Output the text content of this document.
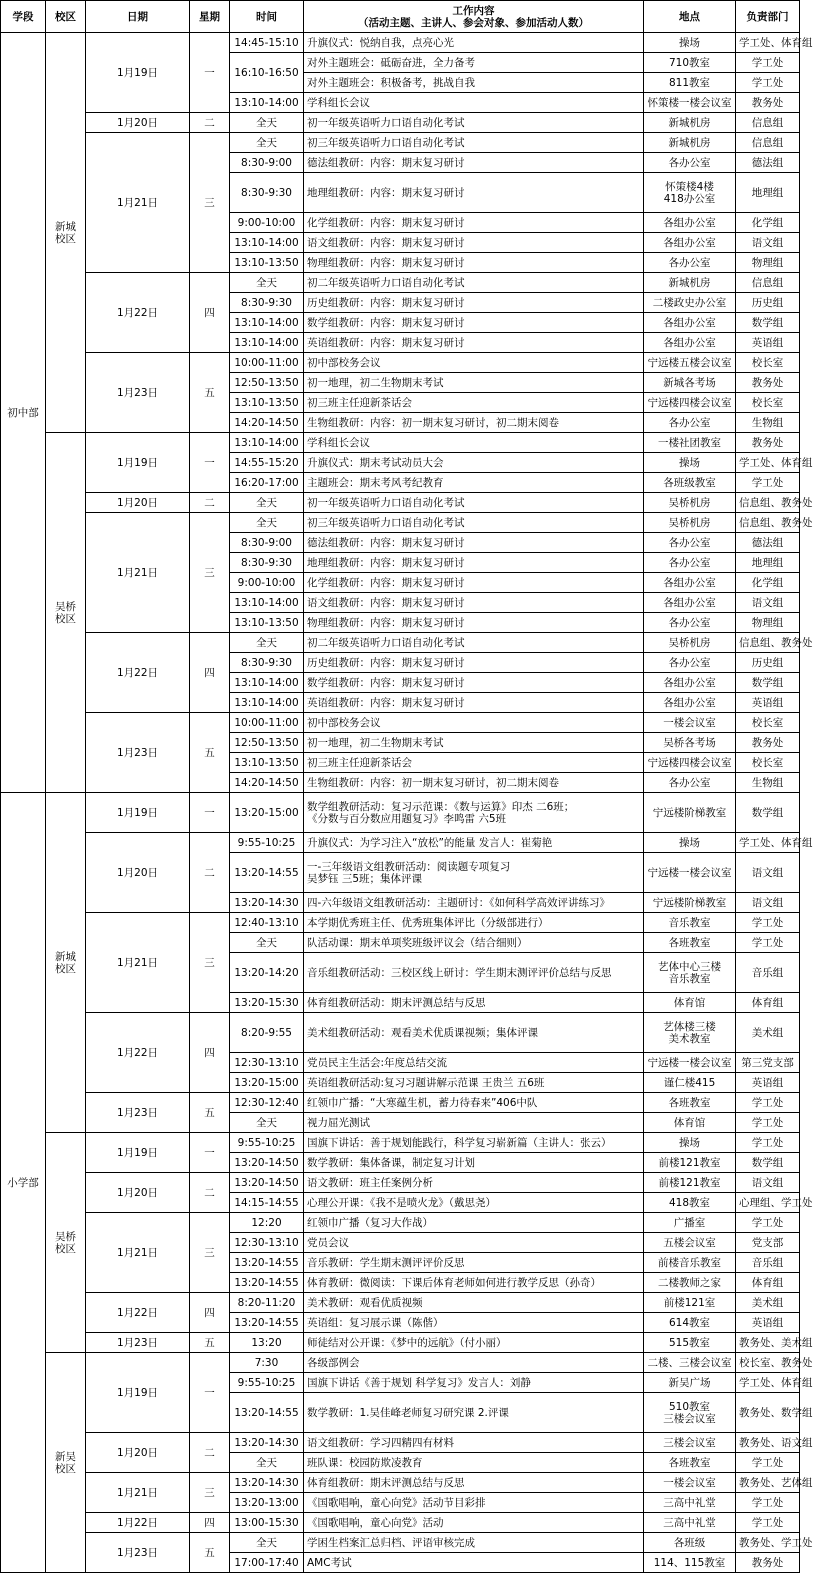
学段	校区	日期	星期	时间	工作内容
（活动主题、主讲人、参会对象、参加活动人数）	地点	负责部门
初中部	新城
校区	1月19日	一	14:45-15:10	升旗仪式：悦纳自我，点亮心光	操场	学工处、体育组
				16:10-16:50	对外主题班会：砥砺奋进，全力备考	710教室	学工处
					对外主题班会：积极备考，挑战自我	811教室	学工处
				13:10-14:00	学科组长会议	怀策楼一楼会议室	教务处
		1月20日	二	全天	初一年级英语听力口语自动化考试	新城机房	信息组
		1月21日	三	全天	初三年级英语听力口语自动化考试	新城机房	信息组
				8:30-9:00	德法组教研：内容：期末复习研讨	各办公室	德法组
				8:30-9:30	地理组教研：内容：期末复习研讨	怀策楼4楼
418办公室	地理组
				9:00-10:00	化学组教研：内容：期末复习研讨	各组办公室	化学组
				13:10-14:00	语文组教研：内容：期末复习研讨	各组办公室	语文组
				13:10-13:50	物理组教研：内容：期末复习研讨	各办公室	物理组
		1月22日	四	全天	初二年级英语听力口语自动化考试	新城机房	信息组
				8:30-9:30	历史组教研：内容：期末复习研讨	二楼政史办公室	历史组
				13:10-14:00	数学组教研：内容：期末复习研讨	各组办公室	数学组
				13:10-14:00	英语组教研：内容：期末复习研讨	各组办公室	英语组
		1月23日	五	10:00-11:00	初中部校务会议	宁远楼五楼会议室	校长室
				12:50-13:50	初一地理，初二生物期末考试	新城各考场	教务处
				13:10-13:50	初三班主任迎新茶话会	宁远楼四楼会议室	校长室
				14:20-14:50	生物组教研：内容：初一期末复习研讨，初二期末阅卷	各办公室	生物组
	吴桥
校区	1月19日	一	13:10-14:00	学科组长会议	一楼社团教室	教务处
				14:55-15:20	升旗仪式：期末考试动员大会	操场	学工处、体育组
				16:20-17:00	主题班会：期末考风考纪教育	各班级教室	学工处
		1月20日	二	全天	初一年级英语听力口语自动化考试	吴桥机房	信息组、教务处
		1月21日	三	全天	初三年级英语听力口语自动化考试	吴桥机房	信息组、教务处
				8:30-9:00	德法组教研：内容：期末复习研讨	各办公室	德法组
				8:30-9:30	地理组教研：内容：期末复习研讨	各办公室	地理组
				9:00-10:00	化学组教研：内容：期末复习研讨	各组办公室	化学组
				13:10-14:00	语文组教研：内容：期末复习研讨	各组办公室	语文组
				13:10-13:50	物理组教研：内容：期末复习研讨	各办公室	物理组
		1月22日	四	全天	初二年级英语听力口语自动化考试	吴桥机房	信息组、教务处
				8:30-9:30	历史组教研：内容：期末复习研讨	各办公室	历史组
				13:10-14:00	数学组教研：内容：期末复习研讨	各组办公室	数学组
				13:10-14:00	英语组教研：内容：期末复习研讨	各组办公室	英语组
		1月23日	五	10:00-11:00	初中部校务会议	一楼会议室	校长室
				12:50-13:50	初一地理，初二生物期末考试	吴桥各考场	教务处
				13:10-13:50	初三班主任迎新茶话会	宁远楼四楼会议室	校长室
				14:20-14:50	生物组教研：内容：初一期末复习研讨，初二期末阅卷	各办公室	生物组
小学部	新城
校区	1月19日	一	13:20-15:00	数学组教研活动：复习示范课：《数与运算》印杰 二6班；
《分数与百分数应用题复习》李鸣雷 六5班	宁远楼阶梯教室	数学组
		1月20日	二	9:55-10:25	升旗仪式：为学习注入“放松”的能量 发言人：崔菊艳	操场	学工处、体育组
				13:20-14:55	一-三年级语文组教研活动：阅读题专项复习
吴梦钰 三5班；集体评课	宁远楼一楼会议室	语文组
				13:20-14:30	四-六年级语文组教研活动：主题研讨：《如何科学高效评讲练习》	宁远楼阶梯教室	语文组
		1月21日	三	12:40-13:10	本学期优秀班主任、优秀班集体评比（分级部进行）	音乐教室	学工处
				全天	队活动课：期末单项奖班级评议会（结合细则）	各班教室	学工处
				13:20-14:20	音乐组教研活动：三校区线上研讨：学生期末测评评价总结与反思	艺体中心三楼
音乐教室	音乐组
				13:20-15:30	体育组教研活动：期末评测总结与反思	体育馆	体育组
		1月22日	四	8:20-9:55	美术组教研活动：观看美术优质课视频；集体评课	艺体楼三楼
美术教室	美术组
				12:30-13:10	党员民主生活会:年度总结交流	宁远楼一楼会议室	第三党支部
				13:20-15:00	英语组教研活动:复习习题讲解示范课 王贵兰 五6班	谨仁楼415	英语组
		1月23日	五	12:30-12:40	红领巾广播：“大寒蕴生机，蓄力待春来”406中队	各班教室	学工处
				全天	视力屈光测试	体育馆	学工处
	吴桥
校区	1月19日	一	9:55-10:25	国旗下讲话：善于规划能践行，科学复习崭新篇（主讲人：张云）	操场	学工处
				13:20-14:50	数学教研：集体备课，制定复习计划	前楼121教室	数学组
		1月20日	二	13:20-14:50	语文教研：班主任案例分析	前楼121教室	语文组
				14:15-14:55	心理公开课：《我不是喷火龙》（戴思尧）	418教室	心理组、学工处
		1月21日	三	12:20	红领巾广播（复习大作战）	广播室	学工处
				12:30-13:10	党员会议	五楼会议室	党支部
				13:20-14:55	音乐教研：学生期末测评评价反思	前楼音乐教室	音乐组
				13:20-14:55	体育教研：微阅读：下课后体育老师如何进行教学反思（孙奇）	二楼教师之家	体育组
		1月22日	四	8:20-11:20	美术教研：观看优质视频	前楼121室	美术组
				13:20-14:55	英语组：复习展示课（陈偕）	614教室	英语组
		1月23日	五	13:20	师徒结对公开课：《梦中的远航》（付小丽）	515教室	教务处、美术组
	新吴
校区	1月19日	一	7:30	各级部例会	二楼、三楼会议室	校长室、教务处
				9:55-10:25	国旗下讲话《善于规划 科学复习》发言人：刘静	新吴广场	学工处、体育组
				13:20-14:55	数学教研：1.吴佳峰老师复习研究课 2.评课	510教室
三楼会议室	教务处、数学组
		1月20日	二	13:20-14:30	语文组教研：学习四精四有材料	三楼会议室	教务处、语文组
				全天	班队课：校园防欺凌教育	各班教室	学工处
		1月21日	三	13:20-14:30	体育组教研：期末评测总结与反思	一楼会议室	教务处、艺体组
				13:20-13:00	《国歌唱响，童心向党》活动节目彩排	三高中礼堂	学工处
		1月22日	四	13:00-15:30	《国歌唱响，童心向党》活动	三高中礼堂	学工处
		1月23日	五	全天	学困生档案汇总归档、评语审核完成	各班级	教务处、学工处
				17:00-17:40	AMC考试	114、115教室	教务处
